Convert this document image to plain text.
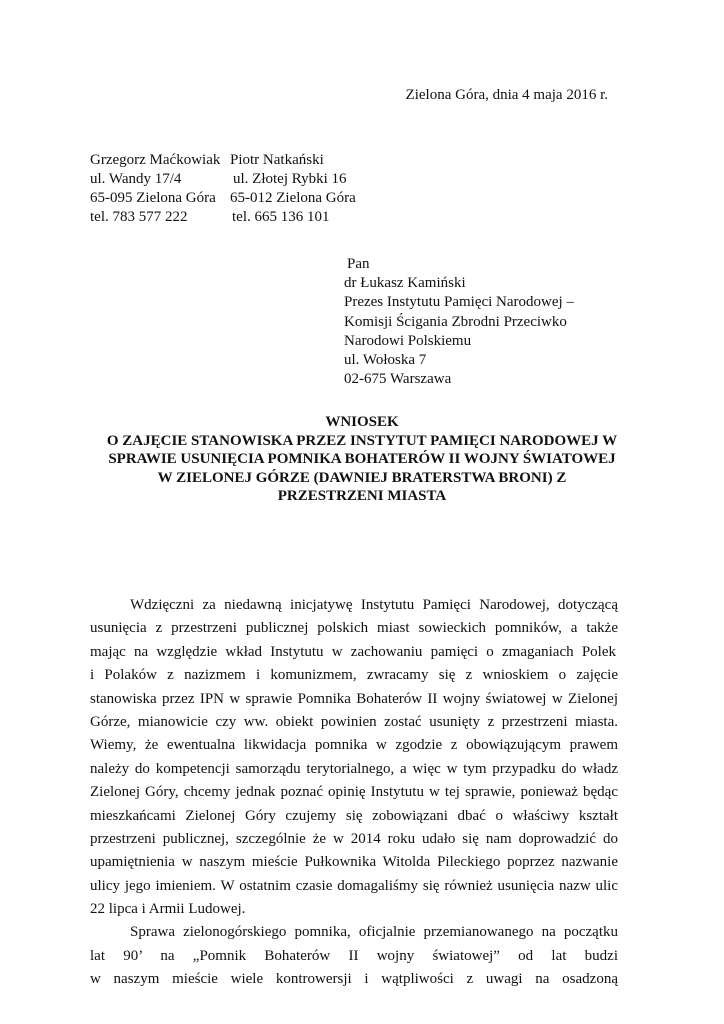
Zielona Góra, dnia 4 maja 2016 r.
Grzegorz Maćkowiak Piotr Natkański
ul. Wandy 17/4	ul. Złotej Rybki 16
65-095 Zielona Góra 65-012 Zielona Góra
tel. 783 577 222	tel. 665 136 101
Pan
dr Łukasz Kamiński
Prezes Instytutu Pamięci Narodowej –
Komisji Ścigania Zbrodni Przeciwko
Narodowi Polskiemu
ul. Wołoska 7
02-675 Warszawa
WNIOSEK
O ZAJĘCIE STANOWISKA PRZEZ INSTYTUT PAMIĘCI NARODOWEJ W
SPRAWIE USUNIĘCIA POMNIKA BOHATERÓW II WOJNY ŚWIATOWEJ
W ZIELONEJ GÓRZE (DAWNIEJ BRATERSTWA BRONI) Z
PRZESTRZENI MIASTA
Wdzięczni za niedawną inicjatywę Instytutu Pamięci Narodowej, dotyczącą
usunięcia z przestrzeni publicznej polskich miast sowieckich pomników, a także
mając na względzie wkład Instytutu w zachowaniu pamięci o zmaganiach Polek
i Polaków z nazizmem i komunizmem, zwracamy się z wnioskiem o zajęcie
stanowiska przez IPN w sprawie Pomnika Bohaterów II wojny światowej w Zielonej
Górze, mianowicie czy ww. obiekt powinien zostać usunięty z przestrzeni miasta.
Wiemy, że ewentualna likwidacja pomnika w zgodzie z obowiązującym prawem
należy do kompetencji samorządu terytorialnego, a więc w tym przypadku do władz
Zielonej Góry, chcemy jednak poznać opinię Instytutu w tej sprawie, ponieważ będąc
mieszkańcami Zielonej Góry czujemy się zobowiązani dbać o właściwy kształt
przestrzeni publicznej, szczególnie że w 2014 roku udało się nam doprowadzić do
upamiętnienia w naszym mieście Pułkownika Witolda Pileckiego poprzez nazwanie
ulicy jego imieniem. W ostatnim czasie domagaliśmy się również usunięcia nazw ulic
22 lipca i Armii Ludowej.
Sprawa zielonogórskiego pomnika, oficjalnie przemianowanego na początku
lat 90’ na „Pomnik Bohaterów II wojny światowej” od lat budzi
w naszym mieście wiele kontrowersji i wątpliwości z uwagi na osadzoną
